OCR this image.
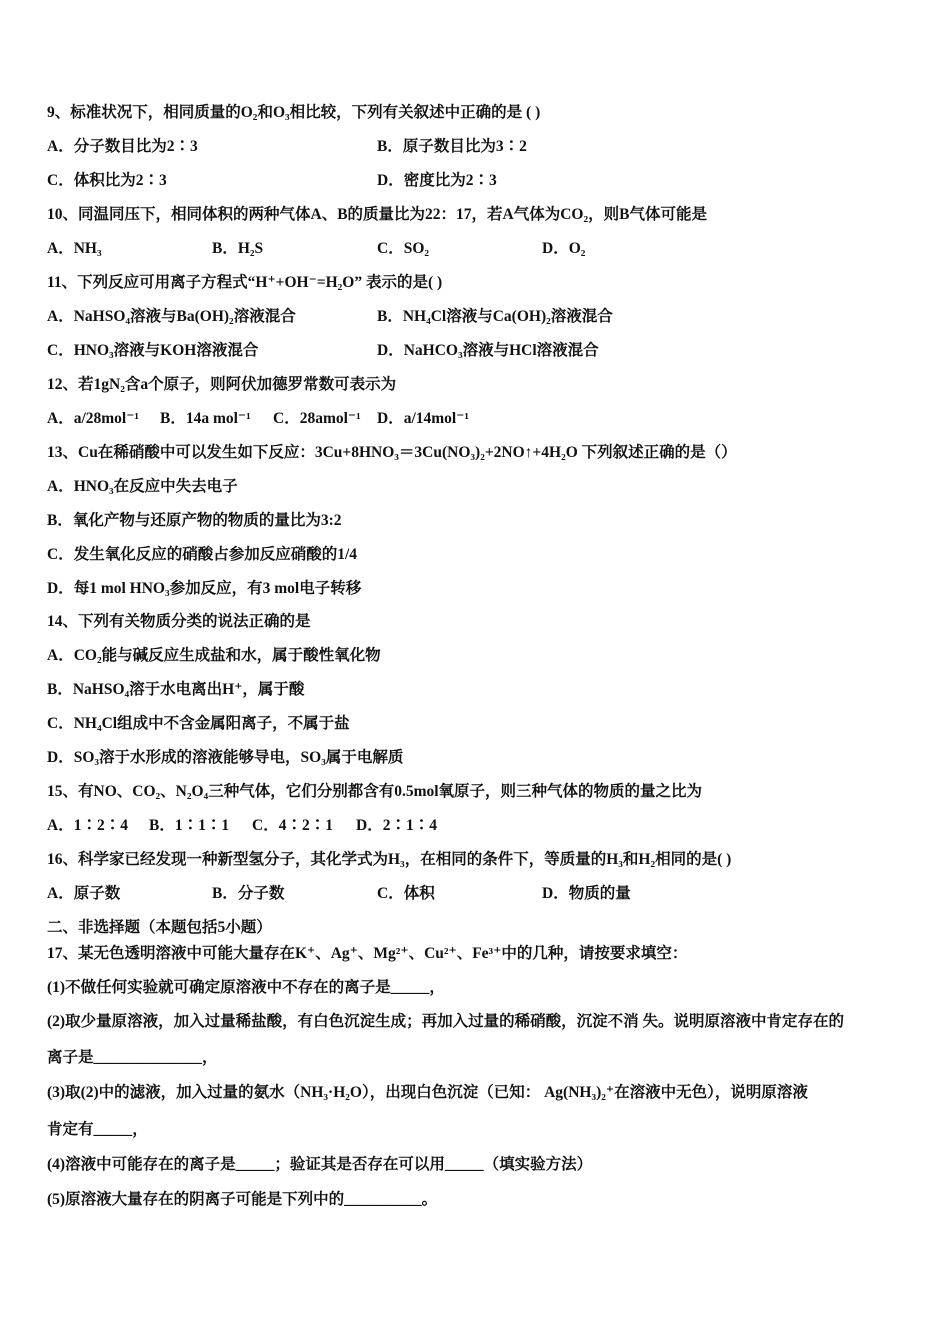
9、标准状况下，相同质量的O₂和O₃相比较，下列有关叙述中正确的是 ( )
A．分子数目比为2∶3	B．原子数目比为3∶2
C．体积比为2∶3	D．密度比为2∶3
10、同温同压下，相同体积的两种气体A、B的质量比为22：17，若A气体为CO₂，则B气体可能是
A．NH₃	B．H₂S	C．SO₂	D．O₂
11、下列反应可用离子方程式“H⁺+OH⁻=H₂O” 表示的是( )
A．NaHSO₄溶液与Ba(OH)₂溶液混合	B．NH₄Cl溶液与Ca(OH)₂溶液混合
C．HNO₃溶液与KOH溶液混合	D．NaHCO₃溶液与HCl溶液混合
12、若1gN₂含a个原子，则阿伏加德罗常数可表示为
A．a/28mol⁻¹ B．14a mol⁻¹ C．28amol⁻¹ D．a/14mol⁻¹
13、Cu在稀硝酸中可以发生如下反应：3Cu+8HNO₃＝3Cu(NO₃)₂+2NO↑+4H₂O 下列叙述正确的是（）
A．HNO₃在反应中失去电子
B．氧化产物与还原产物的物质的量比为3:2
C．发生氧化反应的硝酸占参加反应硝酸的1/4
D．每1 mol HNO₃参加反应，有3 mol电子转移
14、下列有关物质分类的说法正确的是
A．CO₂能与碱反应生成盐和水，属于酸性氧化物
B．NaHSO₄溶于水电离出H⁺，属于酸
C．NH₄Cl组成中不含金属阳离子，不属于盐
D．SO₃溶于水形成的溶液能够导电，SO₃属于电解质
15、有NO、CO₂、N₂O₄三种气体，它们分别都含有0.5mol氧原子，则三种气体的物质的量之比为
A．1∶2∶4 B．1∶1∶1 C．4∶2∶1 D．2∶1∶4
16、科学家已经发现一种新型氢分子，其化学式为H₃，在相同的条件下，等质量的H₃和H₂相同的是( )
A．原子数	B．分子数	C．体积	D．物质的量
二、非选择题（本题包括5小题）
17、某无色透明溶液中可能大量存在K⁺、Ag⁺、Mg²⁺、Cu²⁺、Fe³⁺中的几种，请按要求填空：
(1)不做任何实验就可确定原溶液中不存在的离子是_____，
(2)取少量原溶液，加入过量稀盐酸，有白色沉淀生成；再加入过量的稀硝酸，沉淀不消 失。说明原溶液中肯定存在的
离子是______________，
(3)取(2)中的滤液，加入过量的氨水（NH₃·H₂O），出现白色沉淀（已知： Ag(NH₃)₂⁺在溶液中无色），说明原溶液
肯定有_____，
(4)溶液中可能存在的离子是_____；验证其是否存在可以用_____（填实验方法）
(5)原溶液大量存在的阴离子可能是下列中的__________。
